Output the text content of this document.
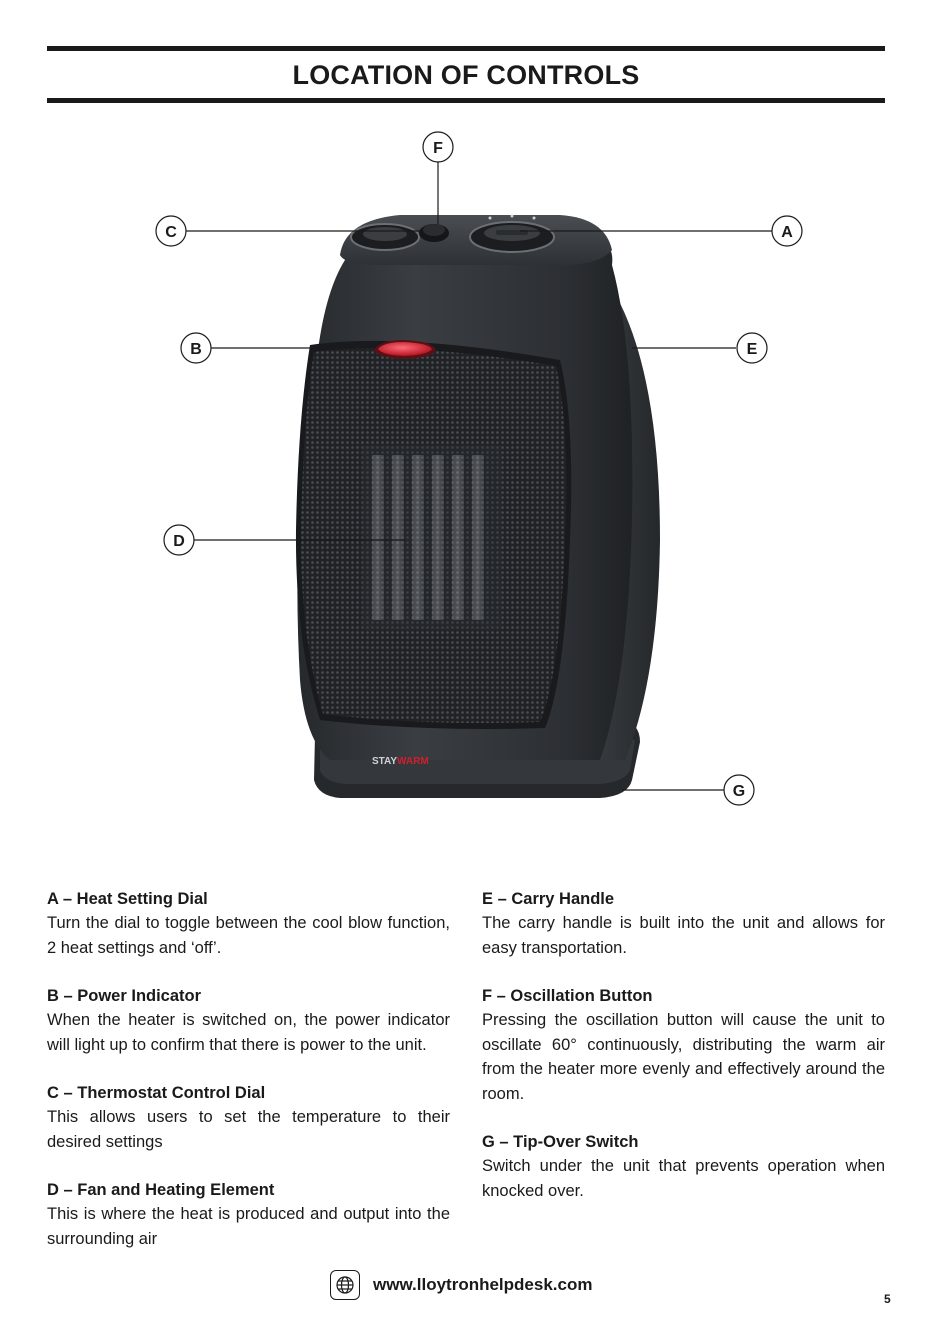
LOCATION OF CONTROLS
STAYWARM
A
B
C
D
E
F
G
A – Heat Setting Dial

Turn the dial to toggle between the cool blow function, 2 heat settings and ‘off’.

B – Power Indicator

When the heater is switched on, the power indicator will light up to confirm that there is power to the unit.

C – Thermostat Control Dial

This allows users to set the temperature to their desired settings

D – Fan and Heating Element

This is where the heat is produced and output into the surrounding air

E – Carry Handle

The carry handle is built into the unit and allows for easy transportation.

F – Oscillation Button

Pressing the oscillation button will cause the unit to oscillate 60° continuously, distributing the warm air from the heater more evenly and effectively around the room.

G – Tip-Over Switch

Switch under the unit that prevents operation when knocked over.

www.lloytronhelpdesk.com
5
